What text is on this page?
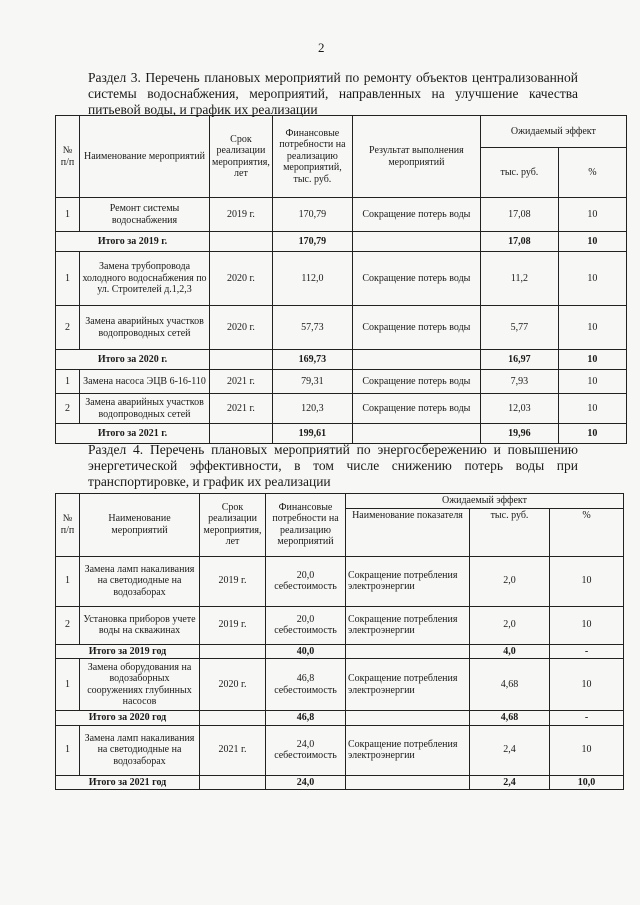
2
Раздел 3. Перечень плановых мероприятий по ремонту объектов централизованной системы водоснабжения, мероприятий, направленных на улучшение качества питьевой воды, и график их реализации
№ п/п	Наименование мероприятий	Срок реализации мероприятия, лет	Финансовые потребности на реализацию мероприятий, тыс. руб.	Результат выполнения мероприятий	Ожидаемый эффект	
					тыс. руб.	%
1	Ремонт системы водоснабжения	2019 г.	170,79	Сокращение потерь воды	17,08	10
Итого за 2019 г.			170,79		17,08	10
1	Замена трубопровода холодного водоснабжения по ул. Строителей д.1,2,3	2020 г.	112,0	Сокращение потерь воды	11,2	10
2	Замена аварийных участков водопроводных сетей	2020 г.	57,73	Сокращение потерь воды	5,77	10
Итого за 2020 г.			169,73		16,97	10
1	Замена насоса ЭЦВ 6-16-110	2021 г.	79,31	Сокращение потерь воды	7,93	10
2	Замена аварийных участков водопроводных сетей	2021 г.	120,3	Сокращение потерь воды	12,03	10
Итого за 2021 г.			199,61		19,96	10
Раздел 4. Перечень плановых мероприятий по энергосбережению и повышению энергетической эффективности, в том числе снижению потерь воды при транспортировке, и график их реализации
№ п/п	Наименование мероприятий	Срок реализации мероприятия, лет	Финансовые потребности на реализацию мероприятий	Ожидаемый эффект		
				Наименование показателя	тыс. руб.	%
1	Замена ламп накаливания на светодиодные на водозаборах	2019 г.	20,0 себестоимость	Сокращение потребления электроэнергии	2,0	10
2	Установка приборов учете воды на скважинах	2019 г.	20,0 себестоимость	Сокращение потребления электроэнергии	2,0	10
Итого за 2019 год			40,0		4,0	-
1	Замена оборудования на водозаборных сооружениях глубинных насосов	2020 г.	46,8 себестоимость	Сокращение потребления электроэнергии	4,68	10
Итого за 2020 год			46,8		4,68	-
1	Замена ламп накаливания на светодиодные на водозаборах	2021 г.	24,0 себестоимость	Сокращение потребления электроэнергии	2,4	10
Итого за 2021 год			24,0		2,4	10,0
